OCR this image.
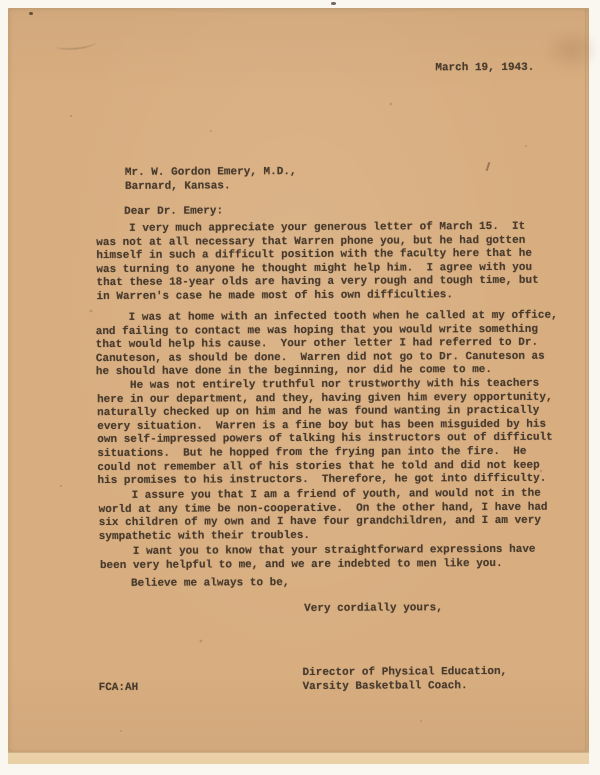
March 19, 1943.

Mr. W. Gordon Emery, M.D.,
Barnard, Kansas.

Dear Dr. Emery:

I very much appreciate your generous letter of March 15.  It
was not at all necessary that Warren phone you, but he had gotten
himself in such a difficult position with the faculty here that he
was turning to anyone he thought might help him.  I agree with you
that these 18-year olds are having a very rough and tough time, but
in Warren's case he made most of his own difficulties.

I was at home with an infected tooth when he called at my office,
and failing to contact me was hoping that you would write something
that would help his cause.  Your other letter I had referred to Dr.
Canuteson, as should be done.  Warren did not go to Dr. Canuteson as
he should have done in the beginning, nor did he come to me.

He was not entirely truthful nor trustworthy with his teachers
here in our department, and they, having given him every opportunity,
naturally checked up on him and he was found wanting in practically
every situation.  Warren is a fine boy but has been misguided by his
own self-impressed powers of talking his instructors out of difficult
situations.  But he hopped from the frying pan into the fire.  He
could not remember all of his stories that he told and did not keep
his promises to his instructors.  Therefore, he got into difficulty.

I assure you that I am a friend of youth, and would not in the
world at any time be non-cooperative.  On the other hand, I have had
six children of my own and I have four grandchildren, and I am very
sympathetic with their troubles.

I want you to know that your straightforward expressions have
been very helpful to me, and we are indebted to men like you.

Believe me always to be,

Very cordially yours,

Director of Physical Education,
Varsity Basketball Coach.

FCA:AH
